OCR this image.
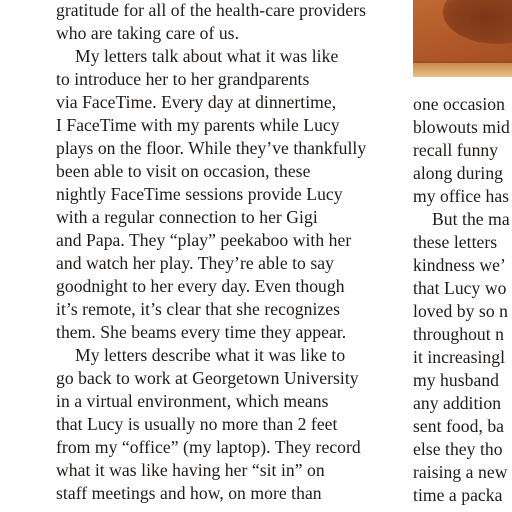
gratitude for all of the health-care providers
who are taking care of us.
My letters talk about what it was like
to introduce her to her grandparents
via FaceTime. Every day at dinnertime,
I FaceTime with my parents while Lucy
plays on the floor. While they’ve thankfully
been able to visit on occasion, these
nightly FaceTime sessions provide Lucy
with a regular connection to her Gigi
and Papa. They “play” peekaboo with her
and watch her play. They’re able to say
goodnight to her every day. Even though
it’s remote, it’s clear that she recognizes
them. She beams every time they appear.
My letters describe what it was like to
go back to work at Georgetown University
in a virtual environment, which means
that Lucy is usually no more than 2 feet
from my “office” (my laptop). They record
what it was like having her “sit in” on
staff meetings and how, on more than
one occasion
blowouts mid
recall funny
along during
my office has
But the ma
these letters
kindness we’
that Lucy wo
loved by so n
throughout n
it increasingl
my husband
any addition
sent food, ba
else they tho
raising a new
time a packa
